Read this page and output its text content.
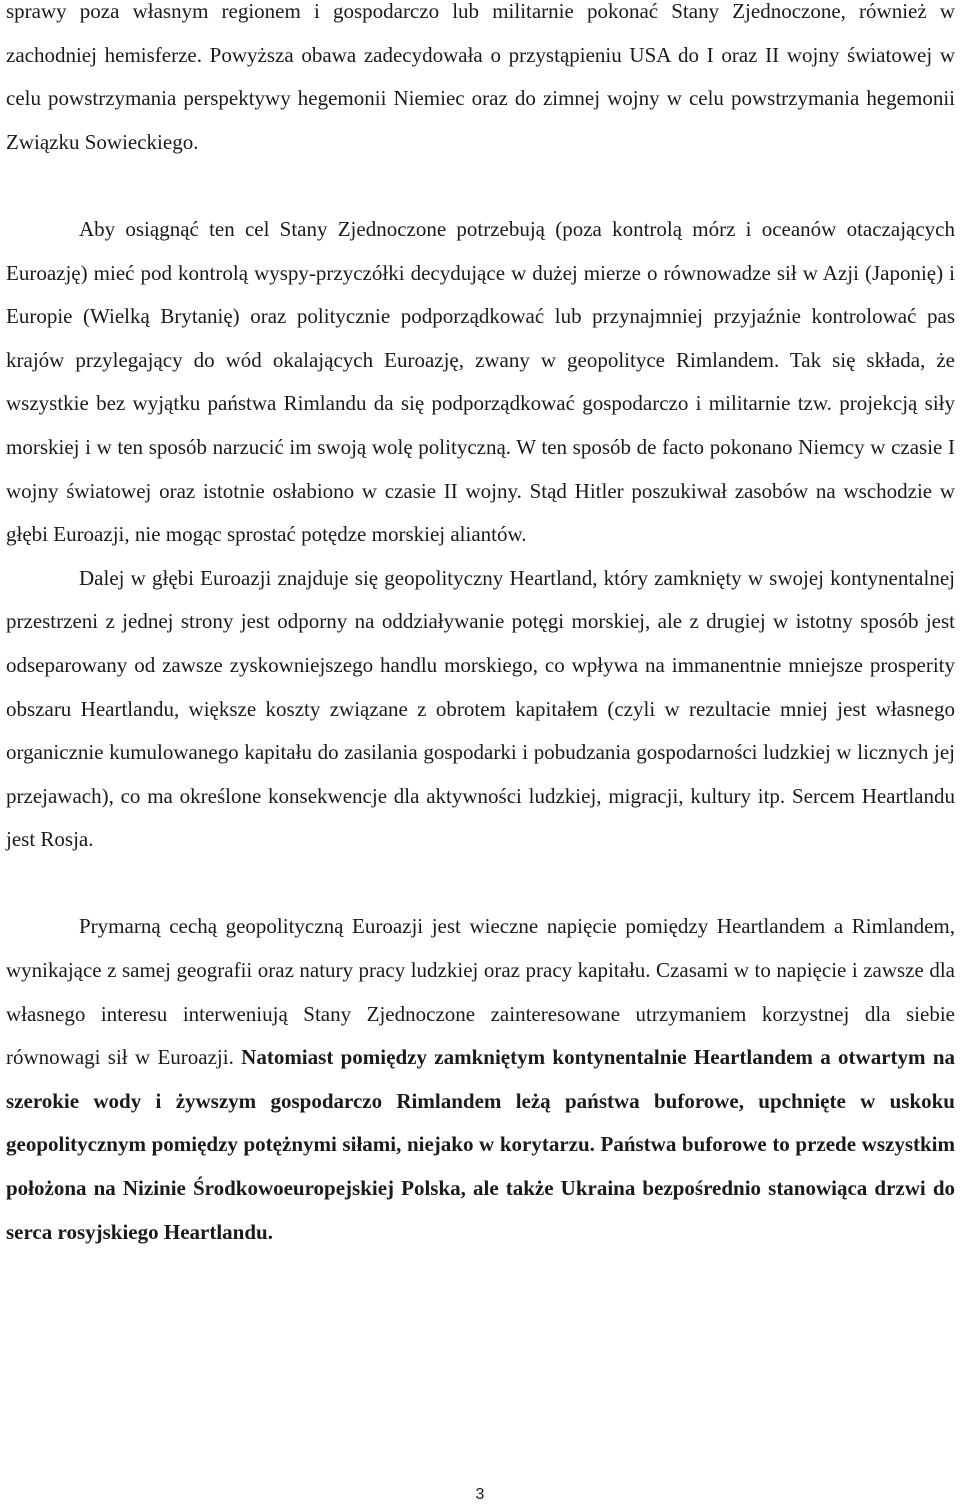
sprawy poza własnym regionem i gospodarczo lub militarnie pokonać Stany Zjednoczone, również w zachodniej hemisferze. Powyższa obawa zadecydowała o przystąpieniu USA do I oraz II wojny światowej w celu powstrzymania perspektywy hegemonii Niemiec oraz do zimnej wojny w celu powstrzymania hegemonii Związku Sowieckiego.

Aby osiągnąć ten cel Stany Zjednoczone potrzebują (poza kontrolą mórz i oceanów otaczających Euroazję) mieć pod kontrolą wyspy-przyczółki decydujące w dużej mierze o równowadze sił w Azji (Japonię) i Europie (Wielką Brytanię) oraz politycznie podporządkować lub przynajmniej przyjaźnie kontrolować pas krajów przylegający do wód okalających Euroazję, zwany w geopolityce Rimlandem. Tak się składa, że wszystkie bez wyjątku państwa Rimlandu da się podporządkować gospodarczo i militarnie tzw. projekcją siły morskiej i w ten sposób narzucić im swoją wolę polityczną. W ten sposób de facto pokonano Niemcy w czasie I wojny światowej oraz istotnie osłabiono w czasie II wojny. Stąd Hitler poszukiwał zasobów na wschodzie w głębi Euroazji, nie mogąc sprostać potędze morskiej aliantów.

Dalej w głębi Euroazji znajduje się geopolityczny Heartland, który zamknięty w swojej kontynentalnej przestrzeni z jednej strony jest odporny na oddziaływanie potęgi morskiej, ale z drugiej w istotny sposób jest odseparowany od zawsze zyskowniejszego handlu morskiego, co wpływa na immanentnie mniejsze prosperity obszaru Heartlandu, większe koszty związane z obrotem kapitałem (czyli w rezultacie mniej jest własnego organicznie kumulowanego kapitału do zasilania gospodarki i pobudzania gospodarności ludzkiej w licznych jej przejawach), co ma określone konsekwencje dla aktywności ludzkiej, migracji, kultury itp. Sercem Heartlandu jest Rosja.

Prymarną cechą geopolityczną Euroazji jest wieczne napięcie pomiędzy Heartlandem a Rimlandem, wynikające z samej geografii oraz natury pracy ludzkiej oraz pracy kapitału. Czasami w to napięcie i zawsze dla własnego interesu interweniują Stany Zjednoczone zainteresowane utrzymaniem korzystnej dla siebie równowagi sił w Euroazji. Natomiast pomiędzy zamkniętym kontynentalnie Heartlandem a otwartym na szerokie wody i żywszym gospodarczo Rimlandem leżą państwa buforowe, upchnięte w uskoku geopolitycznym pomiędzy potężnymi siłami, niejako w korytarzu. Państwa buforowe to przede wszystkim położona na Nizinie Środkowoeuropejskiej Polska, ale także Ukraina bezpośrednio stanowiąca drzwi do serca rosyjskiego Heartlandu.

3
